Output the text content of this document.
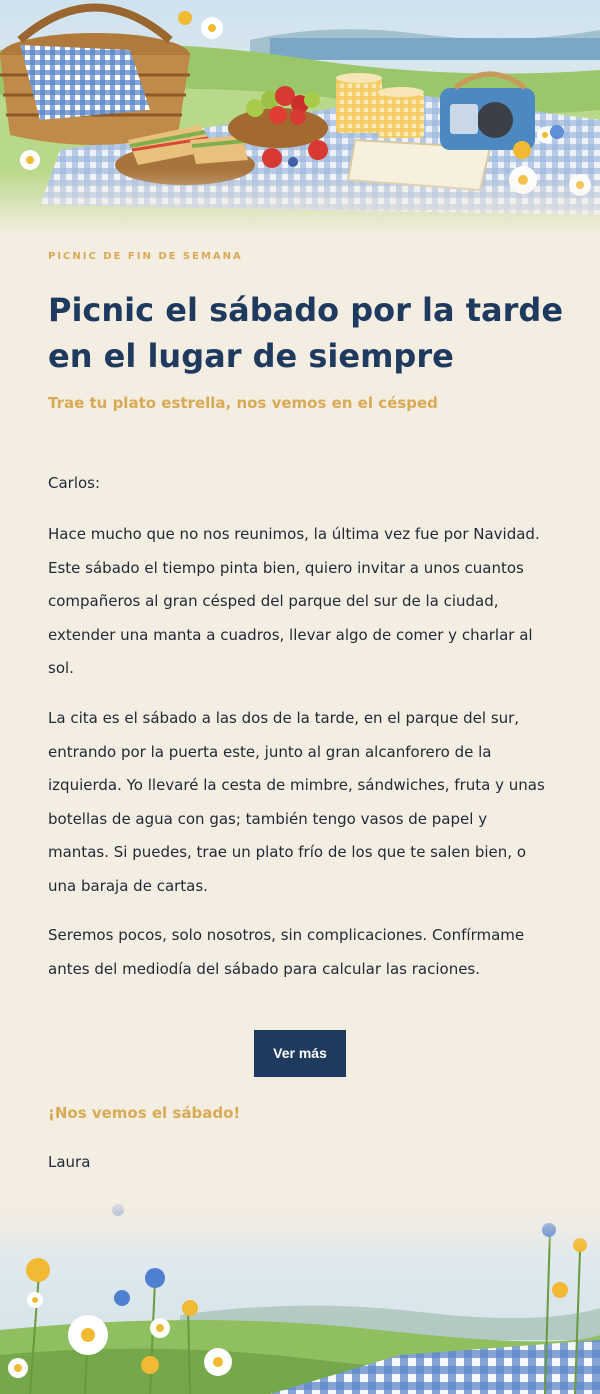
PICNIC DE FIN DE SEMANA
Picnic el sábado por la tarde en el lugar de siempre
Trae tu plato estrella, nos vemos en el césped
Carlos:

Hace mucho que no nos reunimos, la última vez fue por Navidad. Este sábado el tiempo pinta bien, quiero invitar a unos cuantos compañeros al gran césped del parque del sur de la ciudad, extender una manta a cuadros, llevar algo de comer y charlar al sol.

La cita es el sábado a las dos de la tarde, en el parque del sur, entrando por la puerta este, junto al gran alcanforero de la izquierda. Yo llevaré la cesta de mimbre, sándwiches, fruta y unas botellas de agua con gas; también tengo vasos de papel y mantas. Si puedes, trae un plato frío de los que te salen bien, o una baraja de cartas.

Seremos pocos, solo nosotros, sin complicaciones. Confírmame antes del mediodía del sábado para calcular las raciones.

Ver más
¡Nos vemos el sábado!
Laura
